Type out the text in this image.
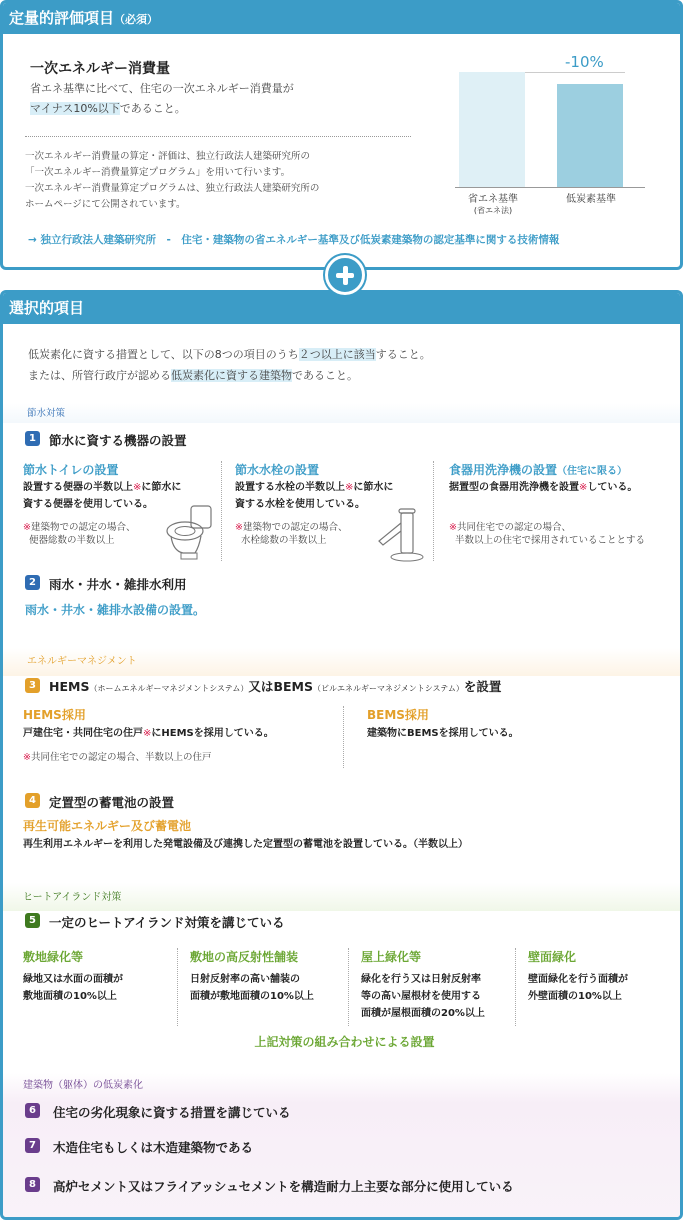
定量的評価項目（必須）
一次エネルギー消費量
省エネ基準に比べて、住宅の一次エネルギー消費量が
マイナス10%以下であること。
一次エネルギー消費量の算定・評価は、独立行政法人建築研究所の
「一次エネルギー消費量算定プログラム」を用いて行います。
一次エネルギー消費量算定プログラムは、独立行政法人建築研究所の
ホームページにて公開されています。
→ 独立行政法人建築研究所　-　住宅・建築物の省エネルギー基準及び低炭素建築物の認定基準に関する技術情報
-10%
省エネ基準
(省エネ法)
低炭素基準
選択的項目
低炭素化に資する措置として、以下の8つの項目のうち２つ以上に該当すること。
または、所管行政庁が認める低炭素化に資する建築物であること。
節水対策
1	節水に資する機器の設置
節水トイレの設置
設置する便器の半数以上※に節水に
資する便器を使用している。
※建築物での認定の場合、
便器総数の半数以上
節水水栓の設置
設置する水栓の半数以上※に節水に
資する水栓を使用している。
※建築物での認定の場合、
水栓総数の半数以上
食器用洗浄機の設置（住宅に限る）
据置型の食器用洗浄機を設置※している。
※共同住宅での認定の場合、
半数以上の住宅で採用されていることとする
2	雨水・井水・雑排水利用
雨水・井水・雑排水設備の設置。
エネルギーマネジメント
3	HEMS（ホームエネルギーマネジメントシステム）又はBEMS（ビルエネルギーマネジメントシステム）を設置
HEMS採用
戸建住宅・共同住宅の住戸※にHEMSを採用している。
※共同住宅での認定の場合、半数以上の住戸
BEMS採用
建築物にBEMSを採用している。
4	定置型の蓄電池の設置
再生可能エネルギー及び蓄電池
再生利用エネルギーを利用した発電設備及び連携した定置型の蓄電池を設置している。（半数以上）
ヒートアイランド対策
5	一定のヒートアイランド対策を講じている
敷地緑化等
緑地又は水面の面積が
敷地面積の10%以上
敷地の高反射性舗装
日射反射率の高い舗装の
面積が敷地面積の10%以上
屋上緑化等
緑化を行う又は日射反射率
等の高い屋根材を使用する
面積が屋根面積の20%以上
壁面緑化
壁面緑化を行う面積が
外壁面積の10%以上
上記対策の組み合わせによる設置
建築物（躯体）の低炭素化
6	住宅の劣化現象に資する措置を講じている
7	木造住宅もしくは木造建築物である
8	高炉セメント又はフライアッシュセメントを構造耐力上主要な部分に使用している
